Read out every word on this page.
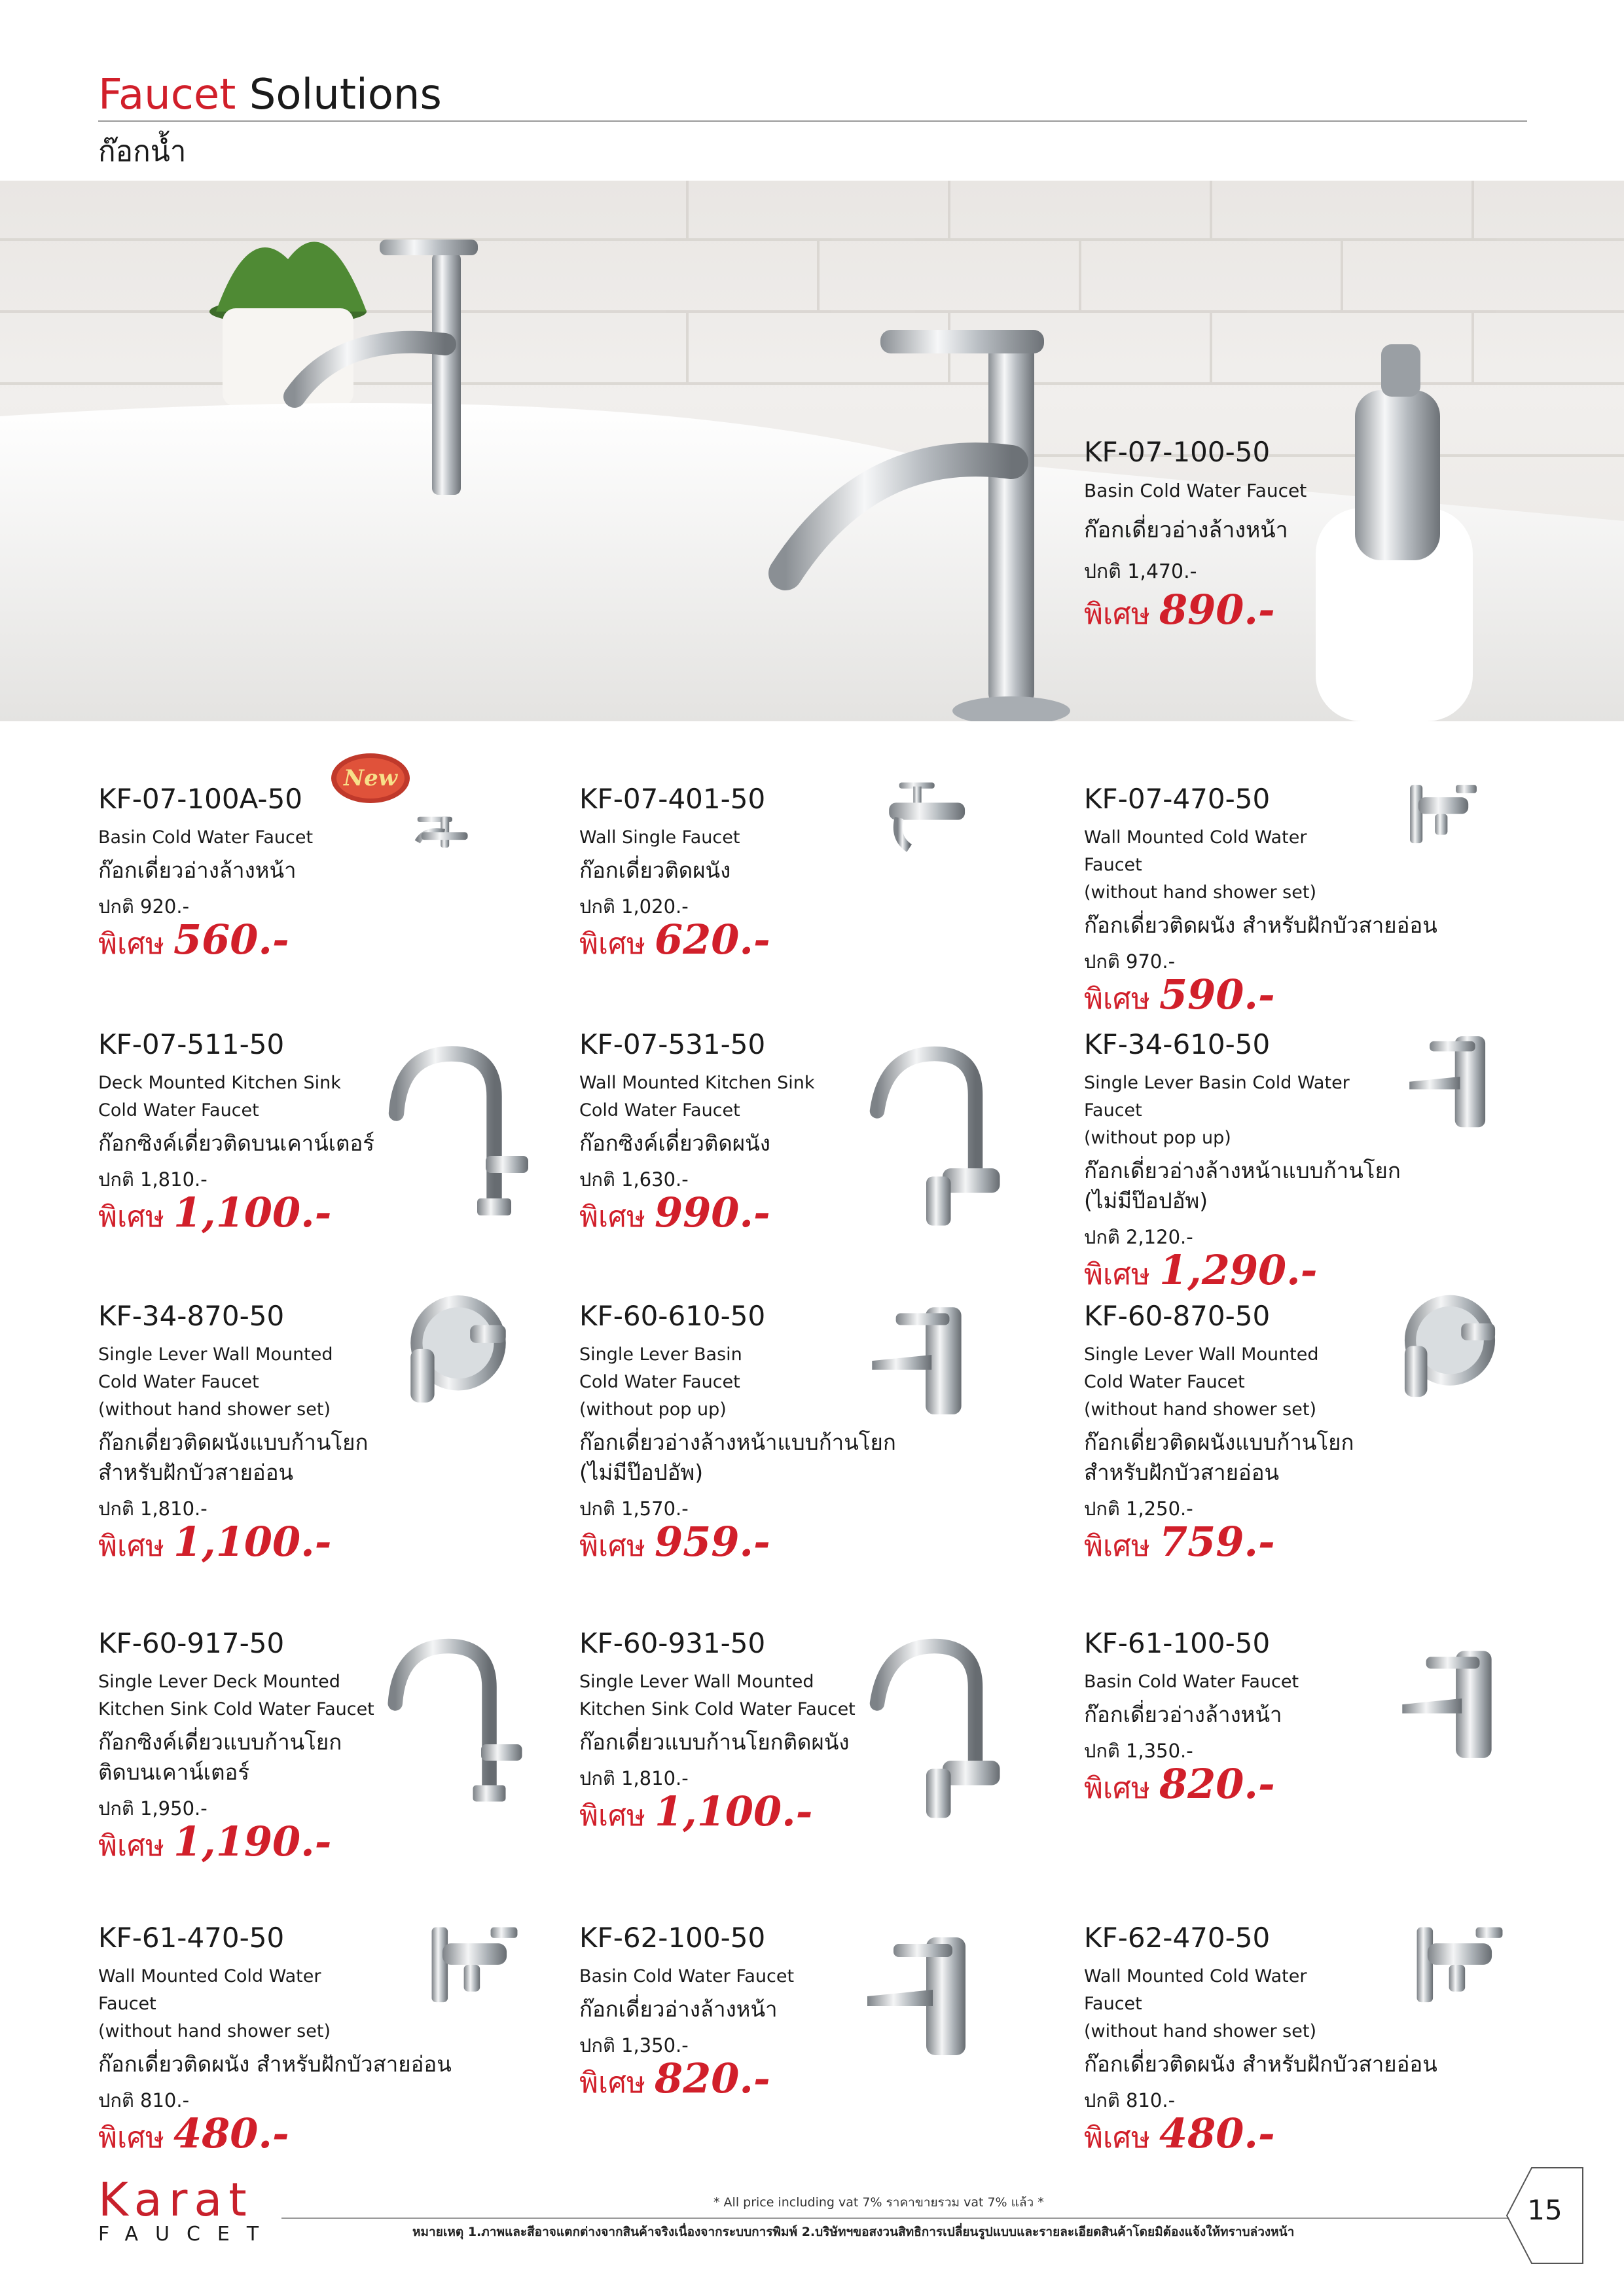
Faucet Solutions
ก๊อกน้ำ
KF-07-100-50
Basin Cold Water Faucet
ก๊อกเดี่ยวอ่างล้างหน้า
ปกติ 1,470.-
พิเศษ 890.-
New
KF-07-100A-50
Basin Cold Water Faucet
ก๊อกเดี่ยวอ่างล้างหน้า
ปกติ 920.-
พิเศษ 560.-
KF-07-401-50
Wall Single Faucet
ก๊อกเดี่ยวติดผนัง
ปกติ 1,020.-
พิเศษ 620.-
KF-07-470-50
Wall Mounted Cold Water Faucet
(without hand shower set)
ก๊อกเดี่ยวติดผนัง สำหรับฝักบัวสายอ่อน
ปกติ 970.-
พิเศษ 590.-
KF-07-511-50
Deck Mounted Kitchen Sink
Cold Water Faucet
ก๊อกซิงค์เดี่ยวติดบนเคาน์เตอร์
ปกติ 1,810.-
พิเศษ 1,100.-
KF-07-531-50
Wall Mounted Kitchen Sink
Cold Water Faucet
ก๊อกซิงค์เดี่ยวติดผนัง
ปกติ 1,630.-
พิเศษ 990.-
KF-34-610-50
Single Lever Basin Cold Water Faucet
(without pop up)
ก๊อกเดี่ยวอ่างล้างหน้าแบบก้านโยก
(ไม่มีป๊อปอัพ)
ปกติ 2,120.-
พิเศษ 1,290.-
KF-34-870-50
Single Lever Wall Mounted
Cold Water Faucet
(without hand shower set)
ก๊อกเดี่ยวติดผนังแบบก้านโยก
สำหรับฝักบัวสายอ่อน
ปกติ 1,810.-
พิเศษ 1,100.-
KF-60-610-50
Single Lever Basin
Cold Water Faucet
(without pop up)
ก๊อกเดี่ยวอ่างล้างหน้าแบบก้านโยก
(ไม่มีป๊อปอัพ)
ปกติ 1,570.-
พิเศษ 959.-
KF-60-870-50
Single Lever Wall Mounted
Cold Water Faucet
(without hand shower set)
ก๊อกเดี่ยวติดผนังแบบก้านโยก
สำหรับฝักบัวสายอ่อน
ปกติ 1,250.-
พิเศษ 759.-
KF-60-917-50
Single Lever Deck Mounted
Kitchen Sink Cold Water Faucet
ก๊อกซิงค์เดี่ยวแบบก้านโยก
ติดบนเคาน์เตอร์
ปกติ 1,950.-
พิเศษ 1,190.-
KF-60-931-50
Single Lever Wall Mounted
Kitchen Sink Cold Water Faucet
ก๊อกเดี่ยวแบบก้านโยกติดผนัง
ปกติ 1,810.-
พิเศษ 1,100.-
KF-61-100-50
Basin Cold Water Faucet
ก๊อกเดี่ยวอ่างล้างหน้า
ปกติ 1,350.-
พิเศษ 820.-
KF-61-470-50
Wall Mounted Cold Water Faucet
(without hand shower set)
ก๊อกเดี่ยวติดผนัง สำหรับฝักบัวสายอ่อน
ปกติ 810.-
พิเศษ 480.-
KF-62-100-50
Basin Cold Water Faucet
ก๊อกเดี่ยวอ่างล้างหน้า
ปกติ 1,350.-
พิเศษ 820.-
KF-62-470-50
Wall Mounted Cold Water Faucet
(without hand shower set)
ก๊อกเดี่ยวติดผนัง สำหรับฝักบัวสายอ่อน
ปกติ 810.-
พิเศษ 480.-
Karat
FAUCET
* All price including vat 7% ราคาขายรวม vat 7% แล้ว *
หมายเหตุ 1.ภาพและสีอาจแตกต่างจากสินค้าจริงเนื่องจากระบบการพิมพ์ 2.บริษัทฯขอสงวนสิทธิการเปลี่ยนรูปแบบและรายละเอียดสินค้าโดยมิต้องแจ้งให้ทราบล่วงหน้า
15
